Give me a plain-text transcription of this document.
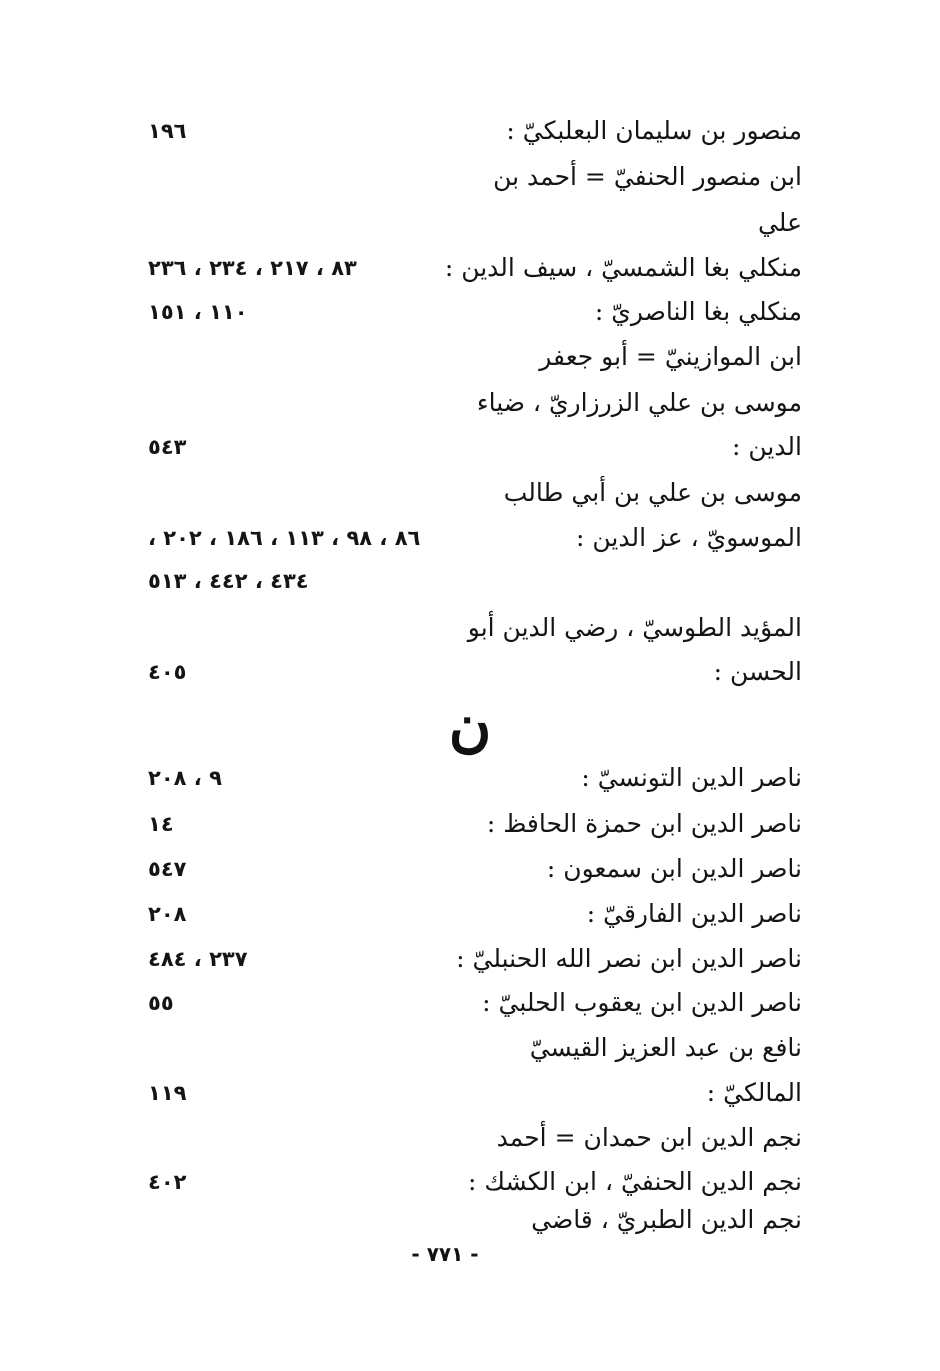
منصور بن سليمان البعلبكيّ :
١٩٦
ابن منصور الحنفيّ = أحمد بن
علي
منكلي بغا الشمسيّ ، سيف الدين :
٨٣ ، ٢١٧ ، ٢٣٤ ، ٢٣٦
منكلي بغا الناصريّ :
١١٠ ، ١٥١
ابن الموازينيّ = أبو جعفر
موسى بن علي الزرزاريّ ، ضياء
الدين :
٥٤٣
موسى بن علي بن أبي طالب
الموسويّ ، عز الدين :
٨٦ ، ٩٨ ، ١١٣ ، ١٨٦ ، ٢٠٢ ،
٤٣٤ ، ٤٤٢ ، ٥١٣
المؤيد الطوسيّ ، رضي الدين أبو
الحسن :
٤٠٥
ن
ناصر الدين التونسيّ :
٩ ، ٢٠٨
ناصر الدين ابن حمزة الحافظ :
١٤
ناصر الدين ابن سمعون :
٥٤٧
ناصر الدين الفارقيّ :
٢٠٨
ناصر الدين ابن نصر الله الحنبليّ :
٢٣٧ ، ٤٨٤
ناصر الدين ابن يعقوب الحلبيّ :
٥٥
نافع بن عبد العزيز القيسيّ
المالكيّ :
١١٩
نجم الدين ابن حمدان = أحمد
نجم الدين الحنفيّ ، ابن الكشك :
٤٠٢
نجم الدين الطبريّ ، قاضي
- ٧٧١ -
